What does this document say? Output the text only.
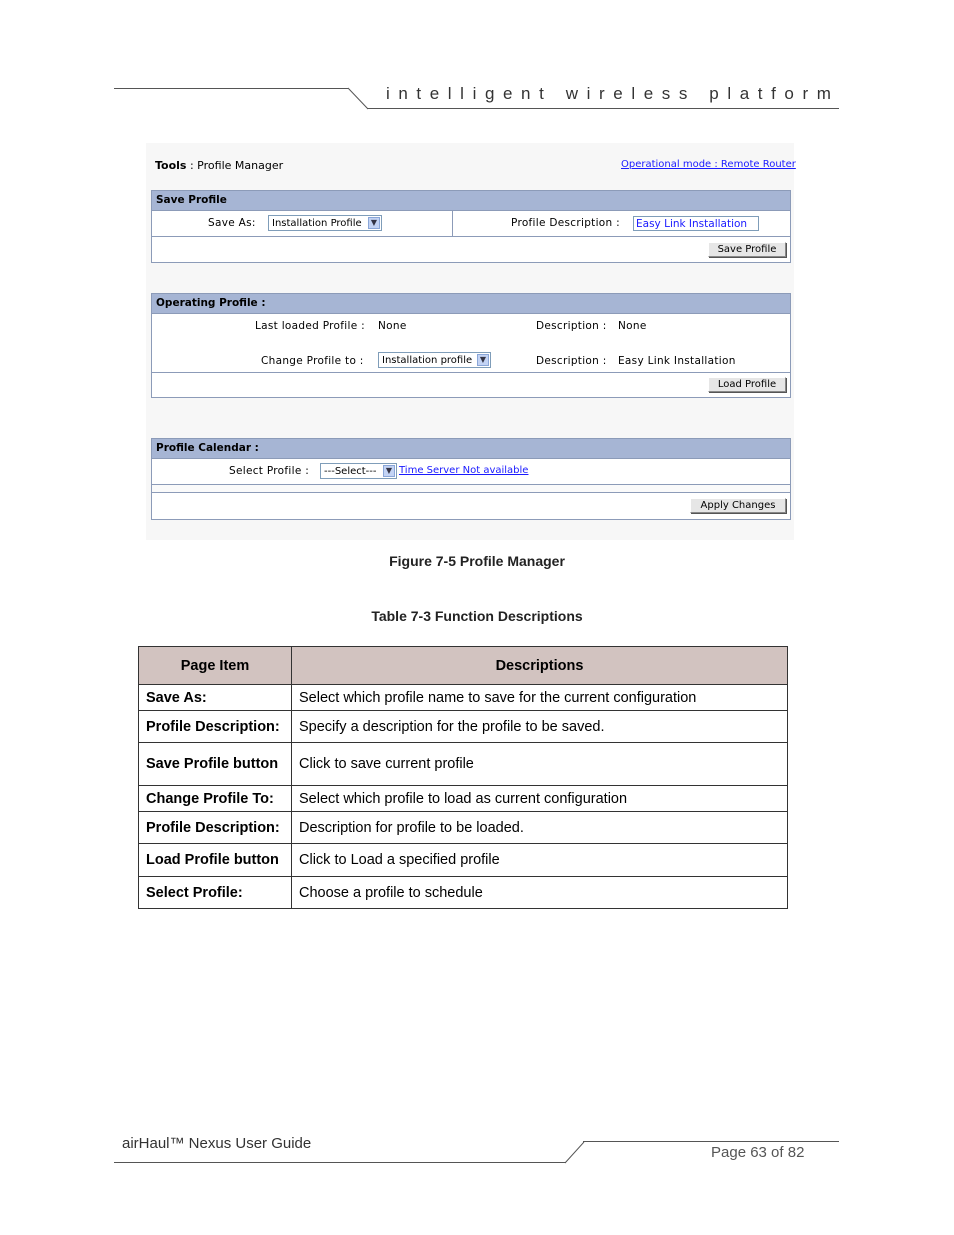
intelligent wireless platform
Tools : Profile Manager	Operational mode : Remote Router
Save Profile
Save As:	Installation Profile	▼	Profile Description : Easy Link Installation
Save Profile
Operating Profile :
Last loaded Profile : None	Description : None
Change Profile to :	Installation profile ▼	Description : Easy Link Installation
Load Profile
Profile Calendar :
Select Profile :	---Select---	▼ Time Server Not available
Apply Changes
Figure 7-5 Profile Manager
Table 7-3 Function Descriptions
Page Item	Descriptions
Save As:	Select which profile name to save for the current configuration
Profile Description:	Specify a description for the profile to be saved.
Save Profile button	Click to save current profile
Change Profile To:	Select which profile to load as current configuration
Profile Description:	Description for profile to be loaded.
Load Profile button	Click to Load a specified profile
Select Profile:	Choose a profile to schedule
airHaul™ Nexus User Guide
Page 63 of 82
